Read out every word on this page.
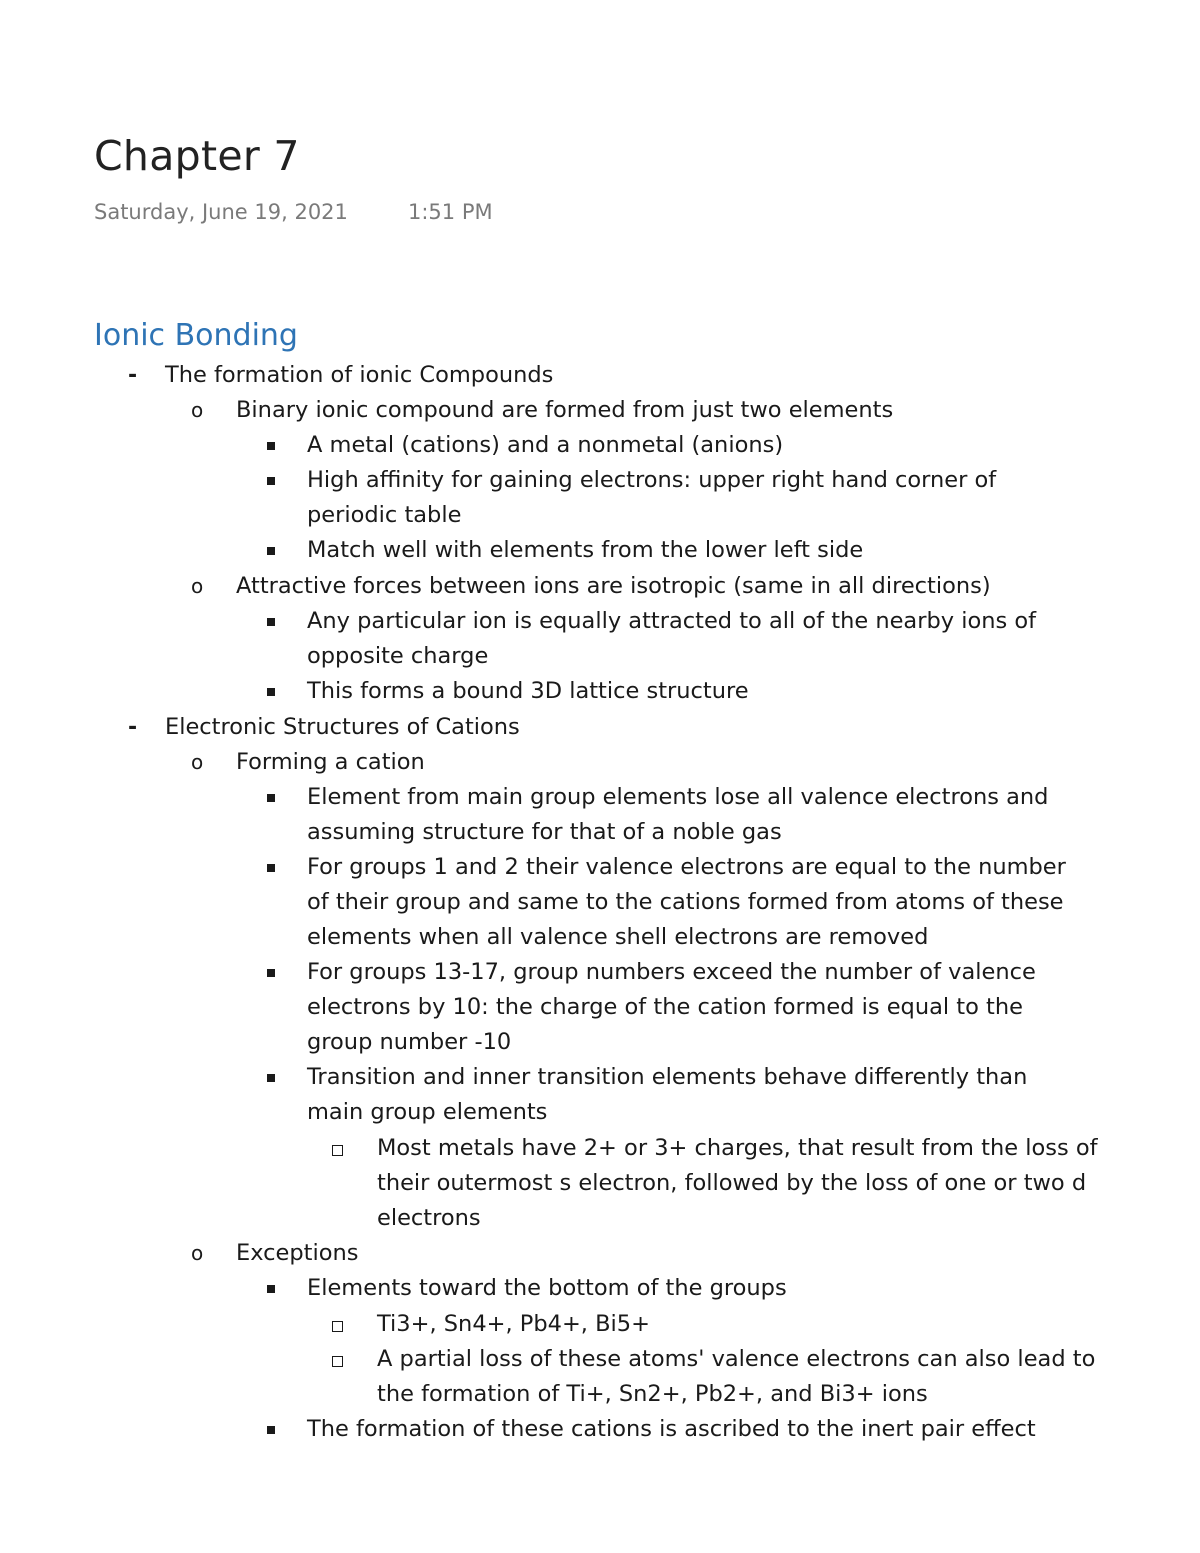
Chapter 7
Saturday, June 19, 2021	1:51 PM
Ionic Bonding
- The formation of ionic Compounds
o Binary ionic compound are formed from just two elements
A metal (cations) and a nonmetal (anions)
High affinity for gaining electrons: upper right hand corner of
periodic table
Match well with elements from the lower left side
o Attractive forces between ions are isotropic (same in all directions)
Any particular ion is equally attracted to all of the nearby ions of
opposite charge
This forms a bound 3D lattice structure
- Electronic Structures of Cations
o Forming a cation
Element from main group elements lose all valence electrons and
assuming structure for that of a noble gas
For groups 1 and 2 their valence electrons are equal to the number
of their group and same to the cations formed from atoms of these
elements when all valence shell electrons are removed
For groups 13-17, group numbers exceed the number of valence
electrons by 10: the charge of the cation formed is equal to the
group number -10
Transition and inner transition elements behave differently than
main group elements
Most metals have 2+ or 3+ charges, that result from the loss of
their outermost s electron, followed by the loss of one or two d
electrons
o Exceptions
Elements toward the bottom of the groups
Ti3+, Sn4+, Pb4+, Bi5+
A partial loss of these atoms' valence electrons can also lead to
the formation of Ti+, Sn2+, Pb2+, and Bi3+ ions
The formation of these cations is ascribed to the inert pair effect
